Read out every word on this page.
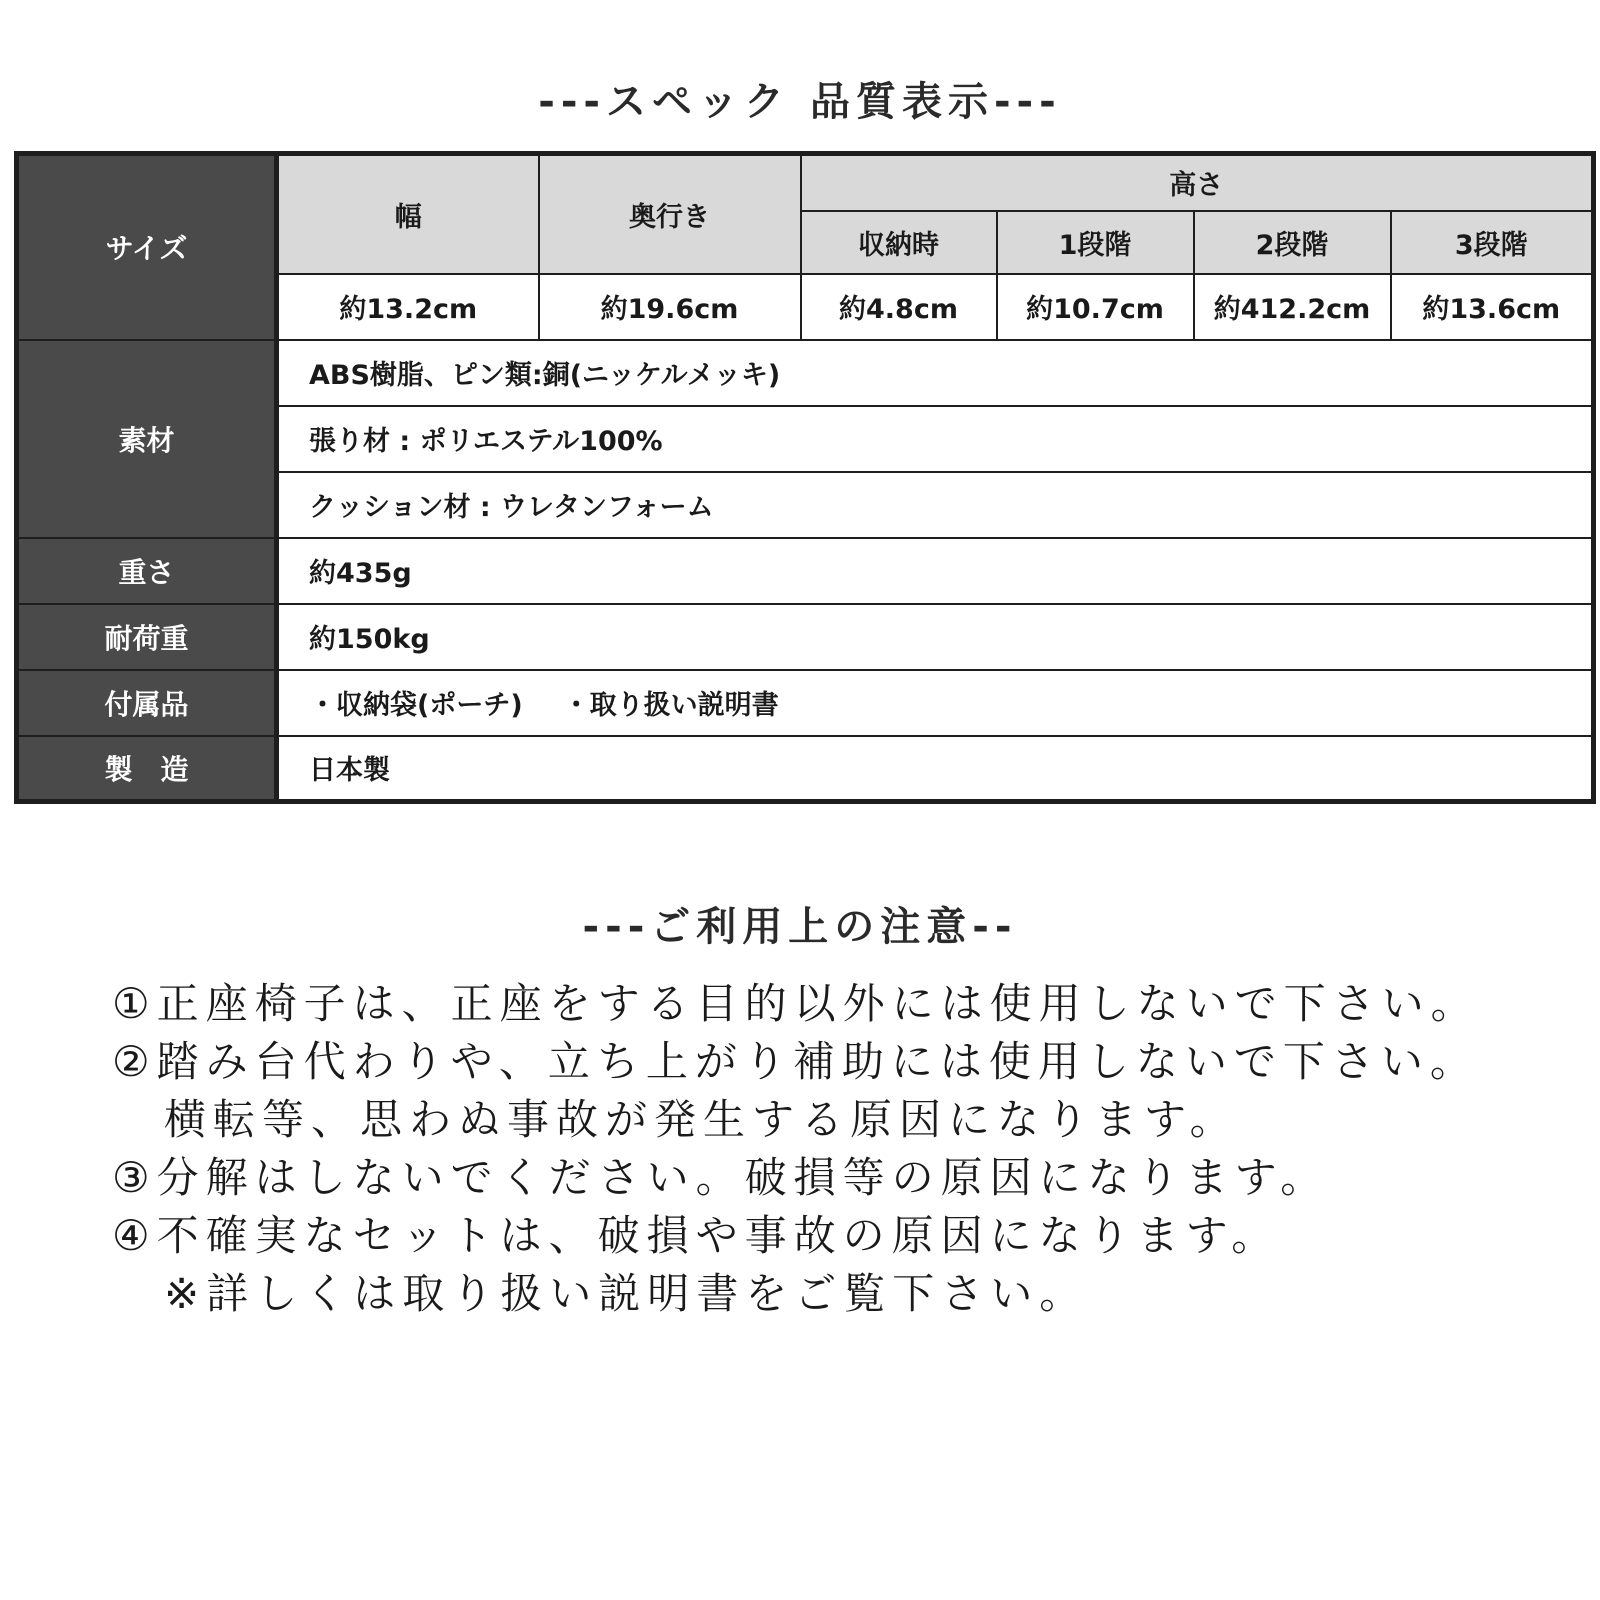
---スペック 品質表示---
サイズ	幅	奥行き	高さ			
			収納時	1段階	2段階	3段階
	約13.2cm	約19.6cm	約4.8cm	約10.7cm	約412.2cm	約13.6cm
素材	ABS樹脂、ピン類:銅(ニッケルメッキ)					
	張り材 : ポリエステル100%					
	クッション材 : ウレタンフォーム					
重さ	約435g					
耐荷重	約150kg					
付属品	・収納袋(ポーチ) ・取り扱い説明書					
製　造	日本製					
---ご利用上の注意--
①正座椅子は、正座をする目的以外には使用しないで下さい。
②踏み台代わりや、立ち上がり補助には使用しないで下さい。
横転等、思わぬ事故が発生する原因になります。
③分解はしないでください。破損等の原因になります。
④不確実なセットは、破損や事故の原因になります。
※詳しくは取り扱い説明書をご覧下さい。
